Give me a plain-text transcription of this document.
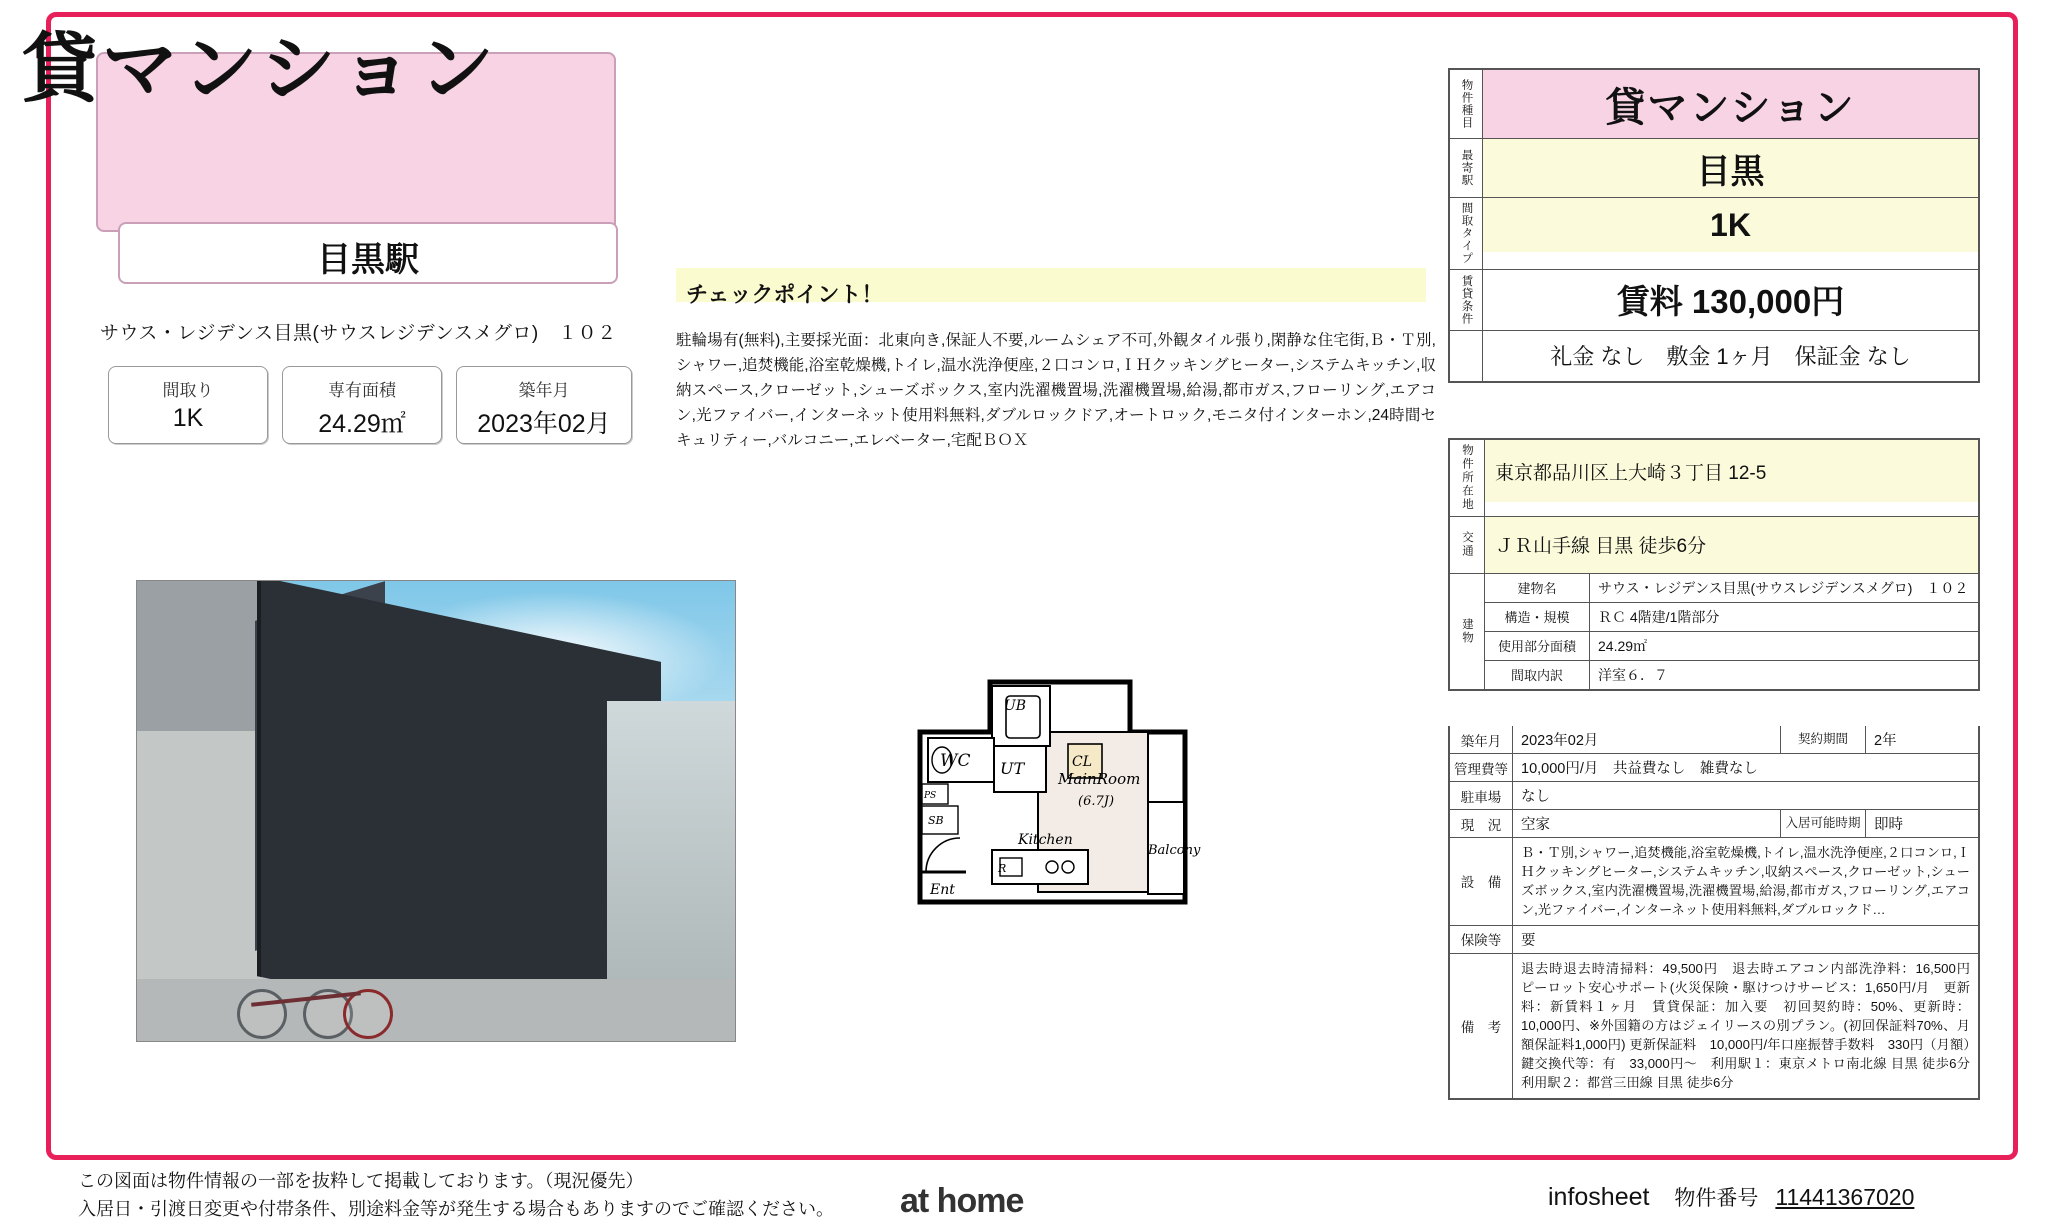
貸マンション
目黒駅
サウス・レジデンス目黒(サウスレジデンスメグロ)　１０２
間取り
1K
専有面積
24.29㎡
築年月
2023年02月
チェックポイント！
駐輪場有(無料),主要採光面：北東向き,保証人不要,ルームシェア不可,外観タイル張り,閑静な住宅街,Ｂ・Ｔ別,シャワー,追焚機能,浴室乾燥機,トイレ,温水洗浄便座,２口コンロ,ＩＨクッキングヒーター,システムキッチン,収納スペース,クローゼット,シューズボックス,室内洗濯機置場,洗濯機置場,給湯,都市ガス,フローリング,エアコン,光ファイバー,インターネット使用料無料,ダブルロックドア,オートロック,モニタ付インターホン,24時間セキュリティー,バルコニー,エレベーター,宅配ＢＯＸ
UB
WC UT	CL
PS
SB
Ent
Kitchen
MainRoom
(6.7J)
Balcony
R
物件種目	貸マンション
最寄駅	目黒
間取タイプ	1K
賃貸条件	賃料 130,000円
礼金 なし　敷金 1ヶ月　保証金 なし
物件所在地	東京都品川区上大崎３丁目 12-5
交通	ＪＲ山手線 目黒 徒歩6分
建物
建物名	サウス・レジデンス目黒(サウスレジデンスメグロ)　１０２
構造・規模	ＲＣ 4階建/1階部分
使用部分面積	24.29㎡
間取内訳	洋室６．７
築年月	2023年02月	契約期間	2年
管理費等 10,000円/月　共益費なし　雑費なし
駐車場	なし
現　況	空家	入居可能時期 即時
設　備
Ｂ・Ｔ別,シャワー,追焚機能,浴室乾燥機,トイレ,温水洗浄便座,２口コンロ,ＩＨクッキングヒーター,システムキッチン,収納スペース,クローゼット,シューズボックス,室内洗濯機置場,洗濯機置場,給湯,都市ガス,フローリング,エアコン,光ファイバー,インターネット使用料無料,ダブルロックド…
保険等	要
備　考
退去時退去時清掃料：49,500円　退去時エアコン内部洗浄料：16,500円　ピーロット安心サポート(火災保険・駆けつけサービス：1,650円/月　更新料：新賃料１ヶ月　賃貸保証：加入要　初回契約時：50%、更新時：10,000円、※外国籍の方はジェイリースの別プラン。(初回保証料70%、月額保証料1,000円) 更新保証料　10,000円/年口座振替手数料　330円（月額）　鍵交換代等：有　33,000円～　利用駅１：東京メトロ南北線 目黒 徒歩6分　利用駅２：都営三田線 目黒 徒歩6分
この図面は物件情報の一部を抜粋して掲載しております。（現況優先）
入居日・引渡日変更や付帯条件、別途料金等が発生する場合もありますのでご確認ください。	at home	infosheet 物件番号 11441367020
